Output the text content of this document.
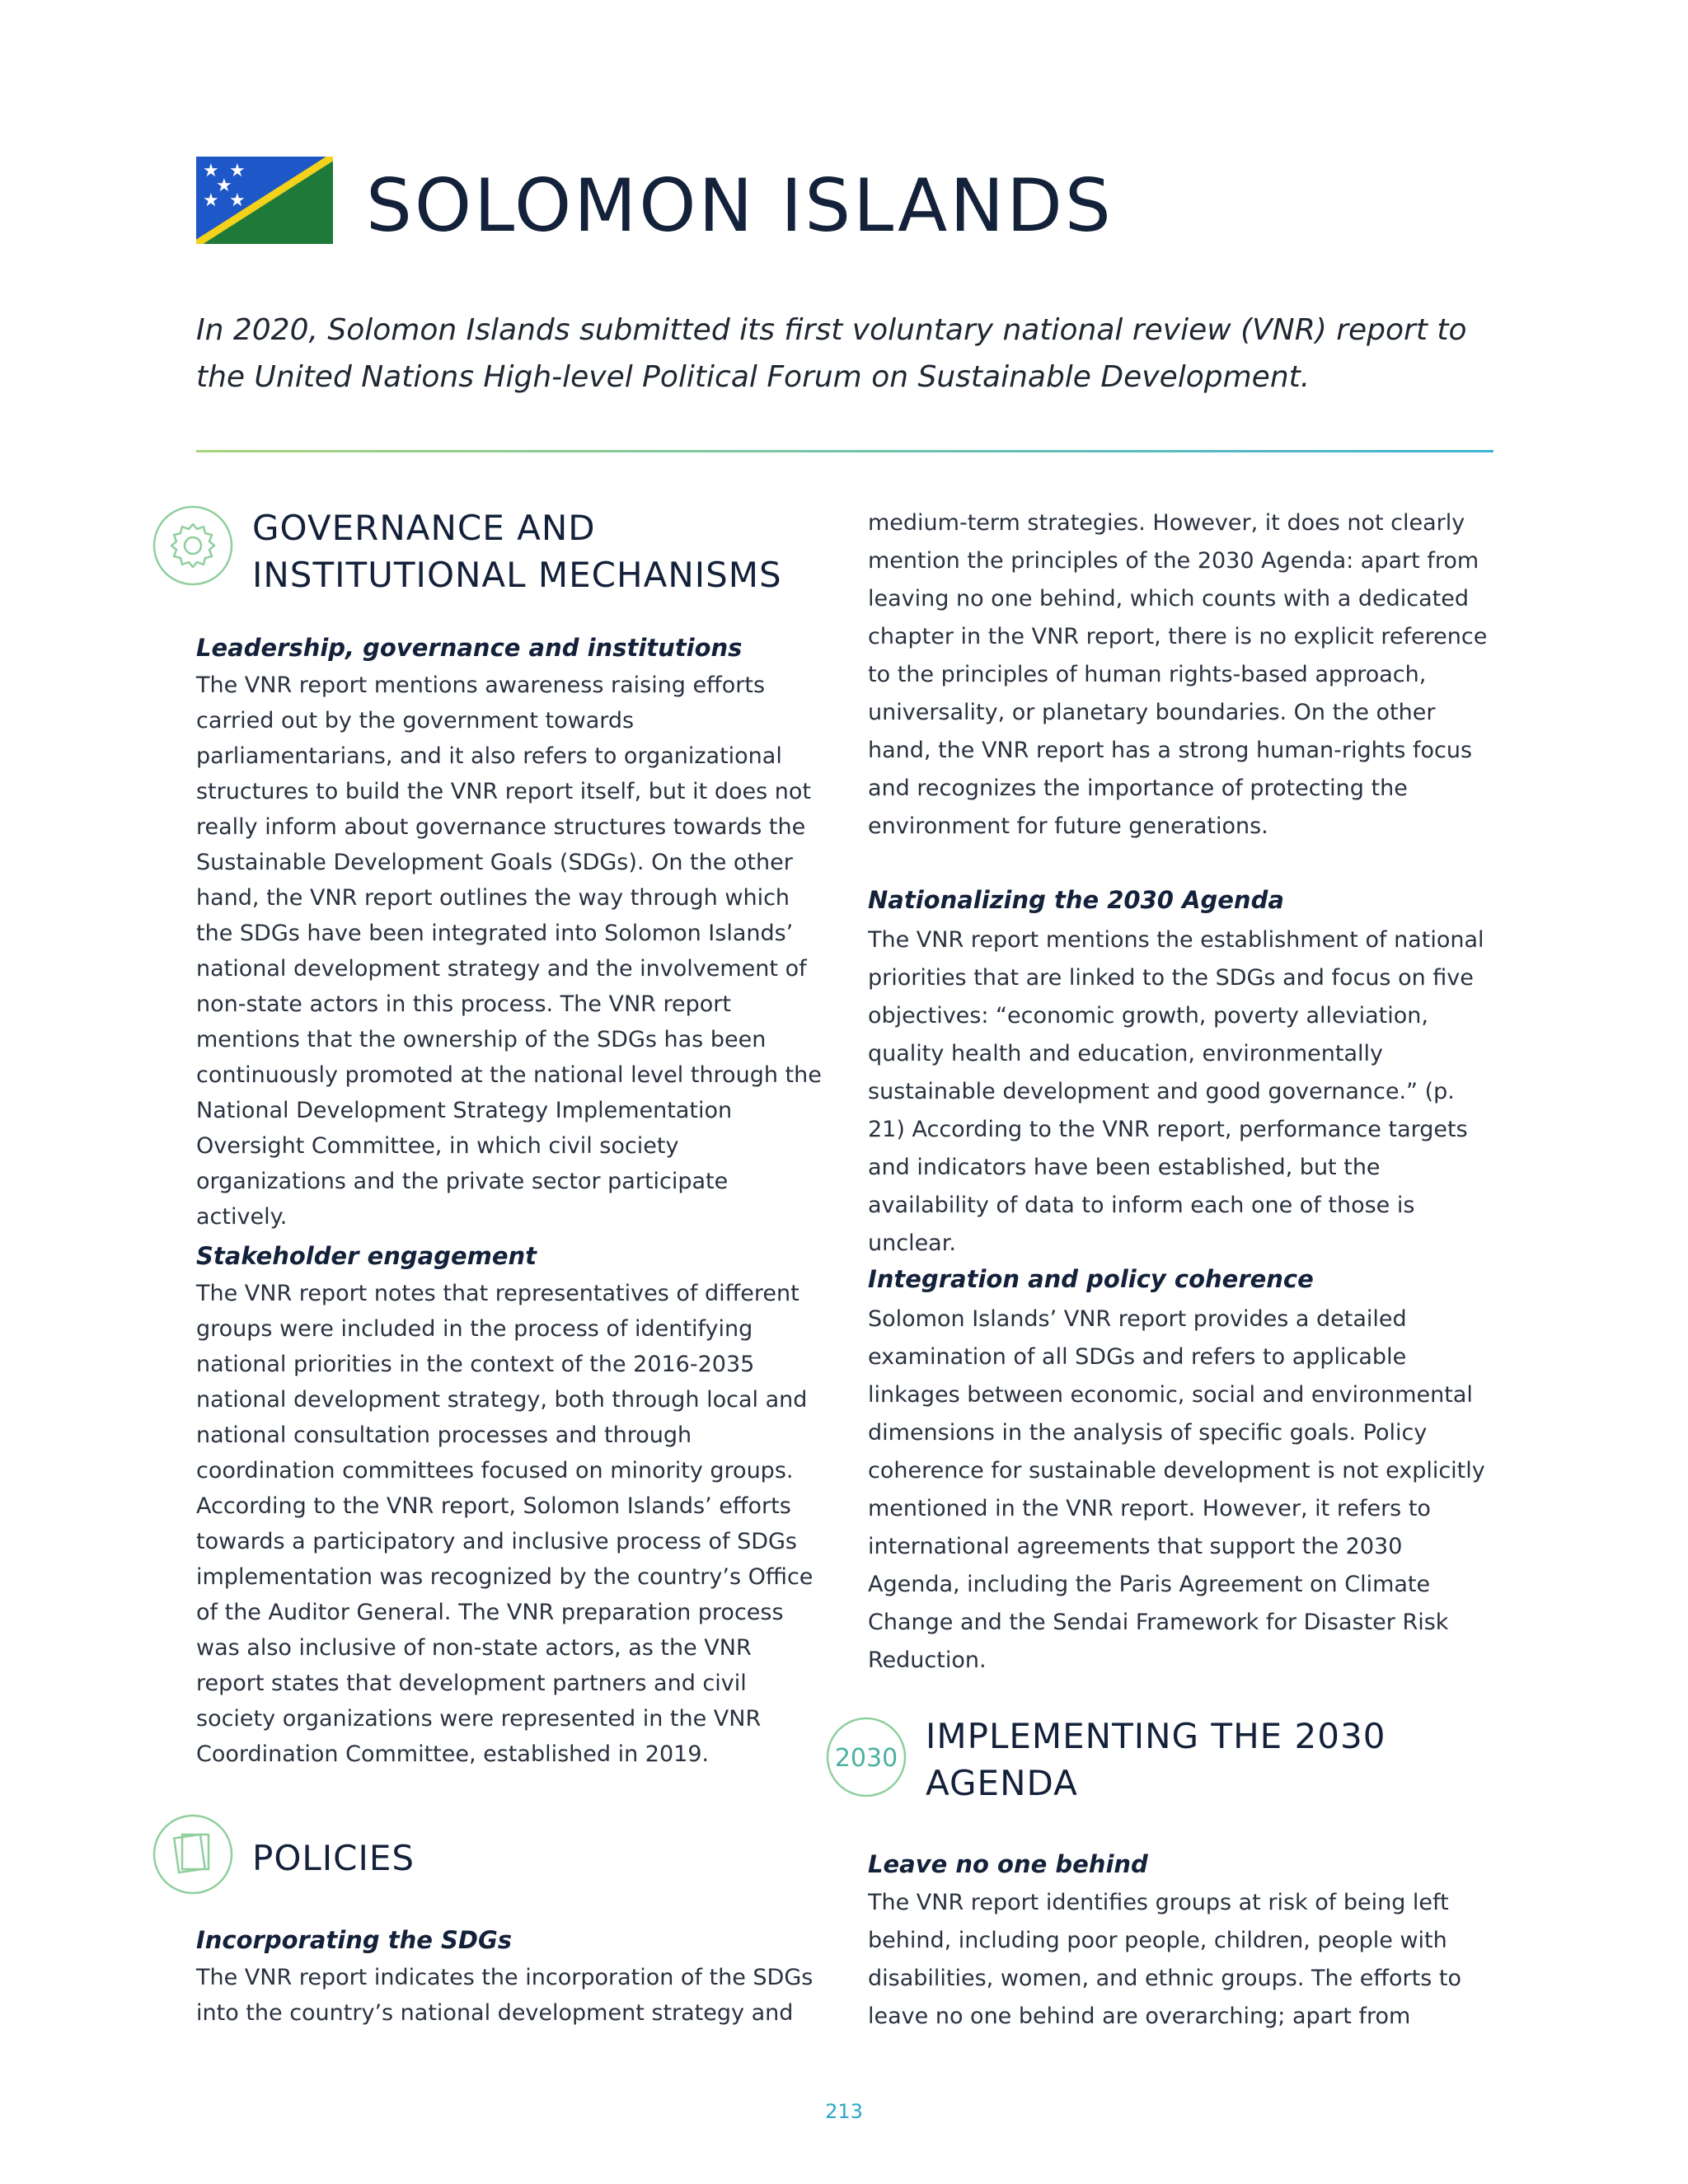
★ ★
★
★ ★ SOLOMON ISLANDS

In 2020, Solomon Islands submitted its first voluntary national review (VNR) report to the United Nations High-level Political Forum on Sustainable Development.

GOVERNANCE AND
INSTITUTIONAL MECHANISMS
Leadership, governance and institutions

The VNR report mentions awareness raising efforts carried out by the government towards parliamentarians, and it also refers to organizational structures to build the VNR report itself, but it does not really inform about governance structures towards the Sustainable Development Goals (SDGs). On the other hand, the VNR report outlines the way through which the SDGs have been integrated into Solomon Islands’ national development strategy and the involvement of non-state actors in this process. The VNR report mentions that the ownership of the SDGs has been continuously promoted at the national level through the National Development Strategy Implementation Oversight Committee, in which civil society organizations and the private sector participate actively.

Stakeholder engagement

The VNR report notes that representatives of different groups were included in the process of identifying national priorities in the context of the 2016-2035 national development strategy, both through local and national consultation processes and through coordination committees focused on minority groups. According to the VNR report, Solomon Islands’ efforts towards a participatory and inclusive process of SDGs implementation was recognized by the country’s Office of the Auditor General. The VNR preparation process was also inclusive of non-state actors, as the VNR report states that development partners and civil society organizations were represented in the VNR Coordination Committee, established in 2019.

POLICIES
Incorporating the SDGs

The VNR report indicates the incorporation of the SDGs into the country’s national development strategy and

medium-term strategies. However, it does not clearly mention the principles of the 2030 Agenda: apart from leaving no one behind, which counts with a dedicated chapter in the VNR report, there is no explicit reference to the principles of human rights-based approach, universality, or planetary boundaries. On the other hand, the VNR report has a strong human-rights focus and recognizes the importance of protecting the environment for future generations.

Nationalizing the 2030 Agenda

The VNR report mentions the establishment of national priorities that are linked to the SDGs and focus on five objectives: “economic growth, poverty alleviation, quality health and education, environmentally sustainable development and good governance.” (p. 21) According to the VNR report, performance targets and indicators have been established, but the availability of data to inform each one of those is unclear.

Integration and policy coherence

Solomon Islands’ VNR report provides a detailed examination of all SDGs and refers to applicable linkages between economic, social and environmental dimensions in the analysis of specific goals. Policy coherence for sustainable development is not explicitly mentioned in the VNR report. However, it refers to international agreements that support the 2030 Agenda, including the Paris Agreement on Climate Change and the Sendai Framework for Disaster Risk Reduction.

2030
IMPLEMENTING THE 2030
AGENDA
Leave no one behind

The VNR report identifies groups at risk of being left behind, including poor people, children, people with disabilities, women, and ethnic groups. The efforts to leave no one behind are overarching; apart from

213
